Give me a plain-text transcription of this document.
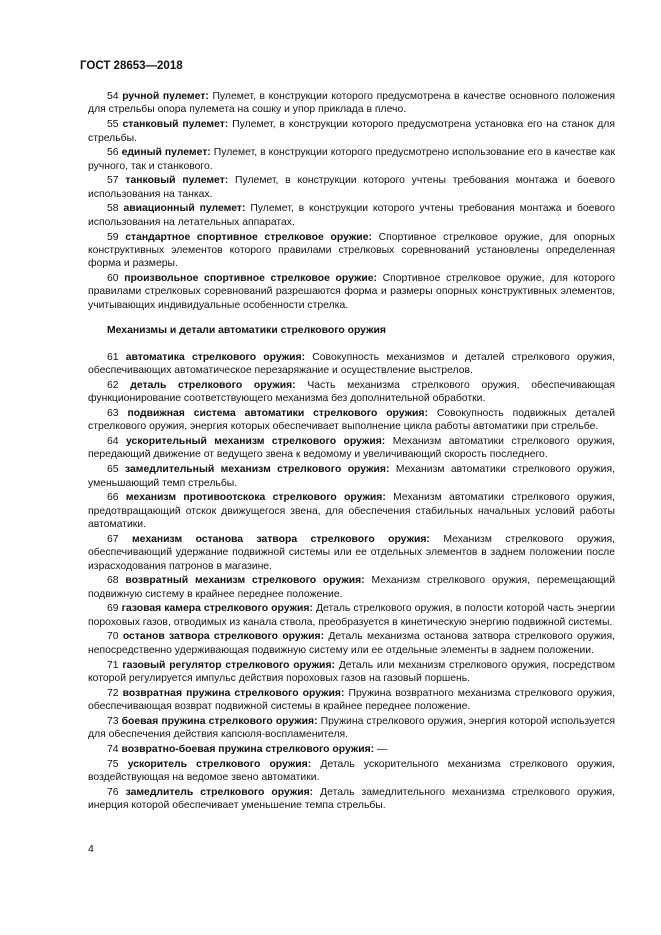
ГОСТ 28653—2018

54 ручной пулемет: Пулемет, в конструкции которого предусмотрена в качестве основного положения для стрельбы опора пулемета на сошку и упор приклада в плечо.

55 станковый пулемет: Пулемет, в конструкции которого предусмотрена установка его на станок для стрельбы.

56 единый пулемет: Пулемет, в конструкции которого предусмотрено использование его в качестве как ручного, так и станкового.

57 танковый пулемет: Пулемет, в конструкции которого учтены требования монтажа и боевого использования на танках.

58 авиационный пулемет: Пулемет, в конструкции которого учтены требования монтажа и боевого использования на летательных аппаратах.

59 стандартное спортивное стрелковое оружие: Спортивное стрелковое оружие, для опорных конструктивных элементов которого правилами стрелковых соревнований установлены определенная форма и размеры.

60 произвольное спортивное стрелковое оружие: Спортивное стрелковое оружие, для которого правилами стрелковых соревнований разрешаются форма и размеры опорных конструктивных элементов, учитывающих индивидуальные особенности стрелка.

Механизмы и детали автоматики стрелкового оружия

61 автоматика стрелкового оружия: Совокупность механизмов и деталей стрелкового оружия, обеспечивающих автоматическое перезаряжание и осуществление выстрелов.

62 деталь стрелкового оружия: Часть механизма стрелкового оружия, обеспечивающая функционирование соответствующего механизма без дополнительной обработки.

63 подвижная система автоматики стрелкового оружия: Совокупность подвижных деталей стрелкового оружия, энергия которых обеспечивает выполнение цикла работы автоматики при стрельбе.

64 ускорительный механизм стрелкового оружия: Механизм автоматики стрелкового оружия, передающий движение от ведущего звена к ведомому и увеличивающий скорость последнего.

65 замедлительный механизм стрелкового оружия: Механизм автоматики стрелкового оружия, уменьшающий темп стрельбы.

66 механизм противоотскока стрелкового оружия: Механизм автоматики стрелкового оружия, предотвращающий отскок движущегося звена, для обеспечения стабильных начальных условий работы автоматики.

67 механизм останова затвора стрелкового оружия: Механизм стрелкового оружия, обеспечивающий удержание подвижной системы или ее отдельных элементов в заднем положении после израсходования патронов в магазине.

68 возвратный механизм стрелкового оружия: Механизм стрелкового оружия, перемещающий подвижную систему в крайнее переднее положение.

69 газовая камера стрелкового оружия: Деталь стрелкового оружия, в полости которой часть энергии пороховых газов, отводимых из канала ствола, преобразуется в кинетическую энергию подвижной системы.

70 останов затвора стрелкового оружия: Деталь механизма останова затвора стрелкового оружия, непосредственно удерживающая подвижную систему или ее отдельные элементы в заднем положении.

71 газовый регулятор стрелкового оружия: Деталь или механизм стрелкового оружия, посредством которой регулируется импульс действия пороховых газов на газовый поршень.

72 возвратная пружина стрелкового оружия: Пружина возвратного механизма стрелкового оружия, обеспечивающая возврат подвижной системы в крайнее переднее положение.

73 боевая пружина стрелкового оружия: Пружина стрелкового оружия, энергия которой используется для обеспечения действия капсюля-воспламенителя.

74 возвратно-боевая пружина стрелкового оружия: —

75 ускоритель стрелкового оружия: Деталь ускорительного механизма стрелкового оружия, воздействующая на ведомое звено автоматики.

76 замедлитель стрелкового оружия: Деталь замедлительного механизма стрелкового оружия, инерция которой обеспечивает уменьшение темпа стрельбы.

4
